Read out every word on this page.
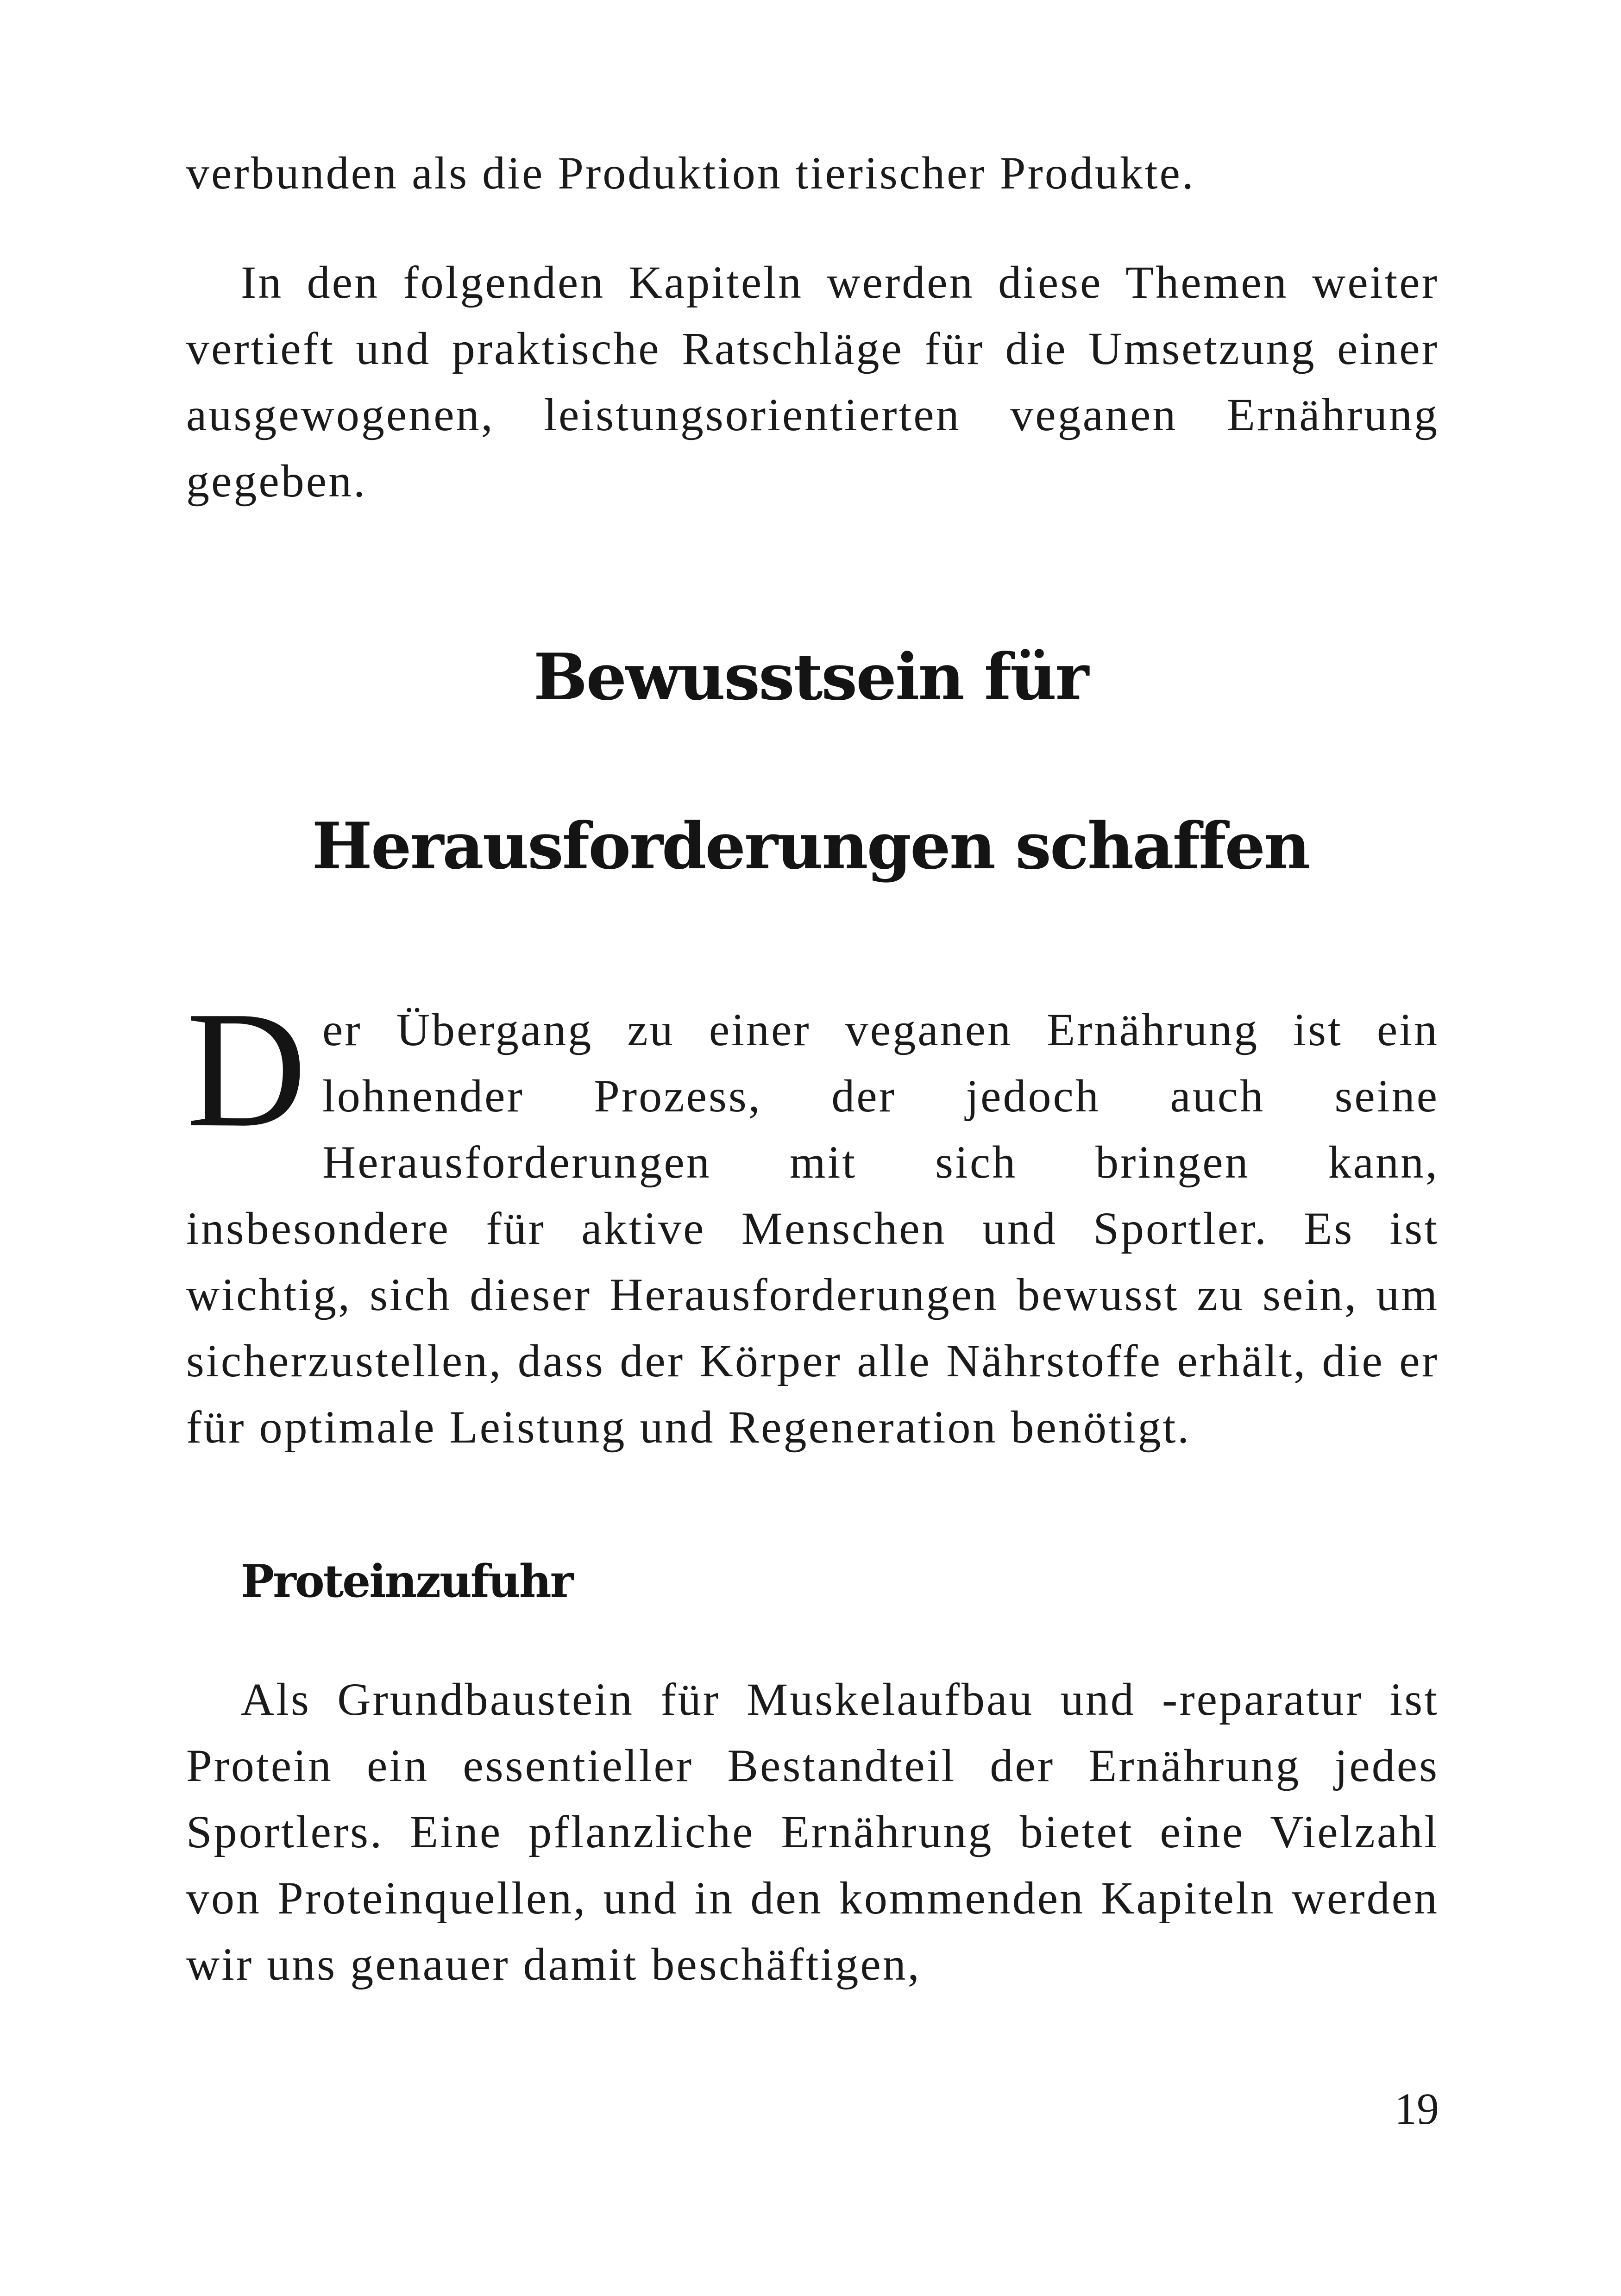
verbunden als die Produktion tierischer Produkte.

In den folgenden Kapiteln werden diese Themen weiter vertieft und praktische Ratschläge für die Umsetzung einer ausgewogenen, leistungsorientierten veganen Ernährung gegeben.

Bewusstsein für
Herausforderungen schaffen

Der Übergang zu einer veganen Ernährung ist ein lohnender Prozess, der jedoch auch seine Herausforderungen mit sich bringen kann, insbesondere für aktive Menschen und Sportler. Es ist wichtig, sich dieser Herausforderungen bewusst zu sein, um sicherzustellen, dass der Körper alle Nährstoffe erhält, die er für optimale Leistung und Regeneration benötigt.

Proteinzufuhr

Als Grundbaustein für Muskelaufbau und -reparatur ist Protein ein essentieller Bestandteil der Ernährung jedes Sportlers. Eine pflanzliche Ernährung bietet eine Vielzahl von Proteinquellen, und in den kommenden Kapiteln werden wir uns genauer damit beschäftigen,

19
